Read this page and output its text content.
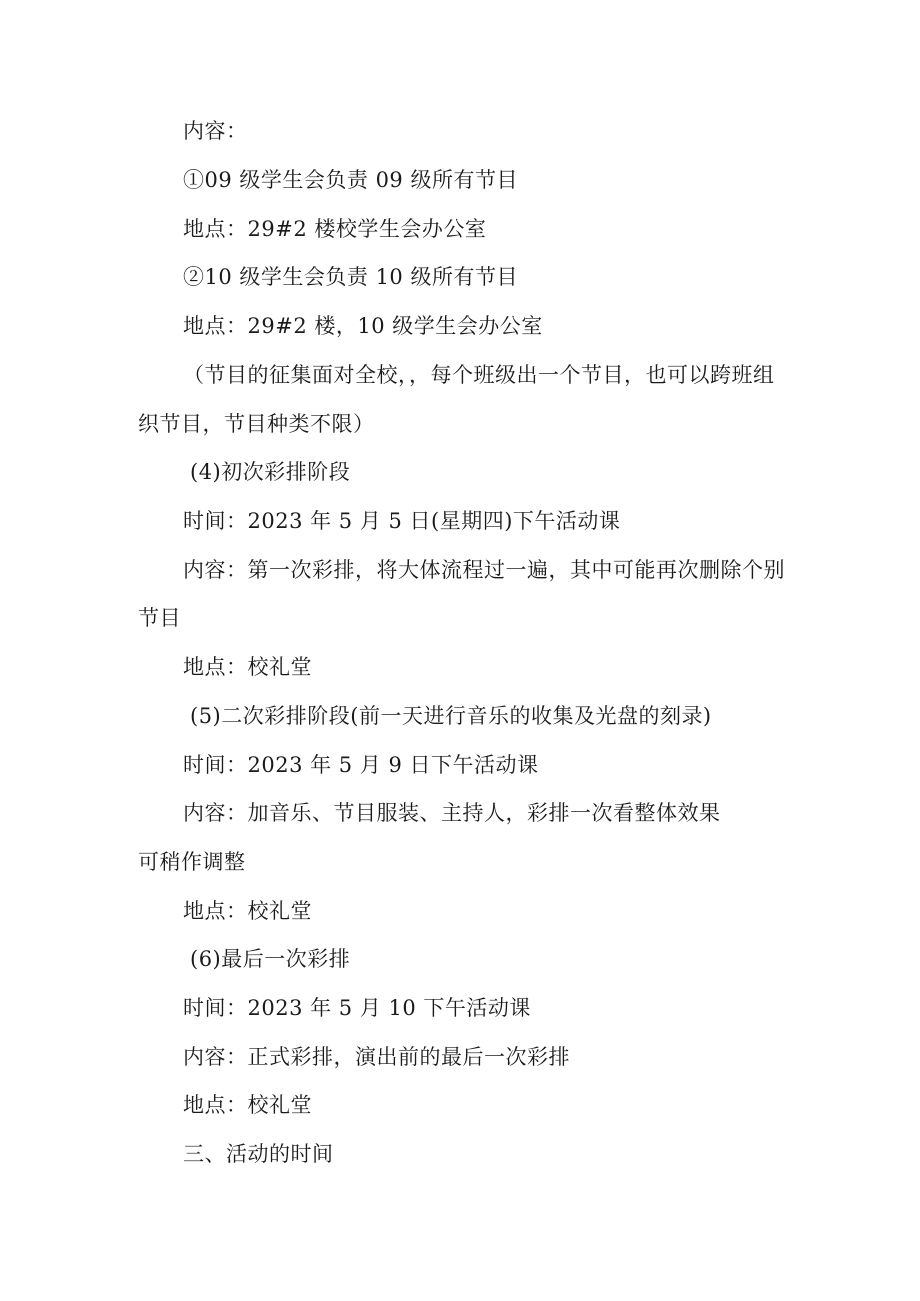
内容：
①09 级学生会负责 09 级所有节目
地点：29#2 楼校学生会办公室
②10 级学生会负责 10 级所有节目
地点：29#2 楼，10 级学生会办公室
（节目的征集面对全校，，每个班级出一个节目，也可以跨班组
织节目，节目种类不限）
(4)初次彩排阶段
时间：2023 年 5 月 5 日(星期四)下午活动课
内容：第一次彩排，将大体流程过一遍，其中可能再次删除个别
节目
地点：校礼堂
(5)二次彩排阶段(前一天进行音乐的收集及光盘的刻录)
时间：2023 年 5 月 9 日下午活动课
内容：加音乐、节目服装、主持人，彩排一次看整体效果
可稍作调整
地点：校礼堂
(6)最后一次彩排
时间：2023 年 5 月 10 下午活动课
内容：正式彩排，演出前的最后一次彩排
地点：校礼堂
三、活动的时间
